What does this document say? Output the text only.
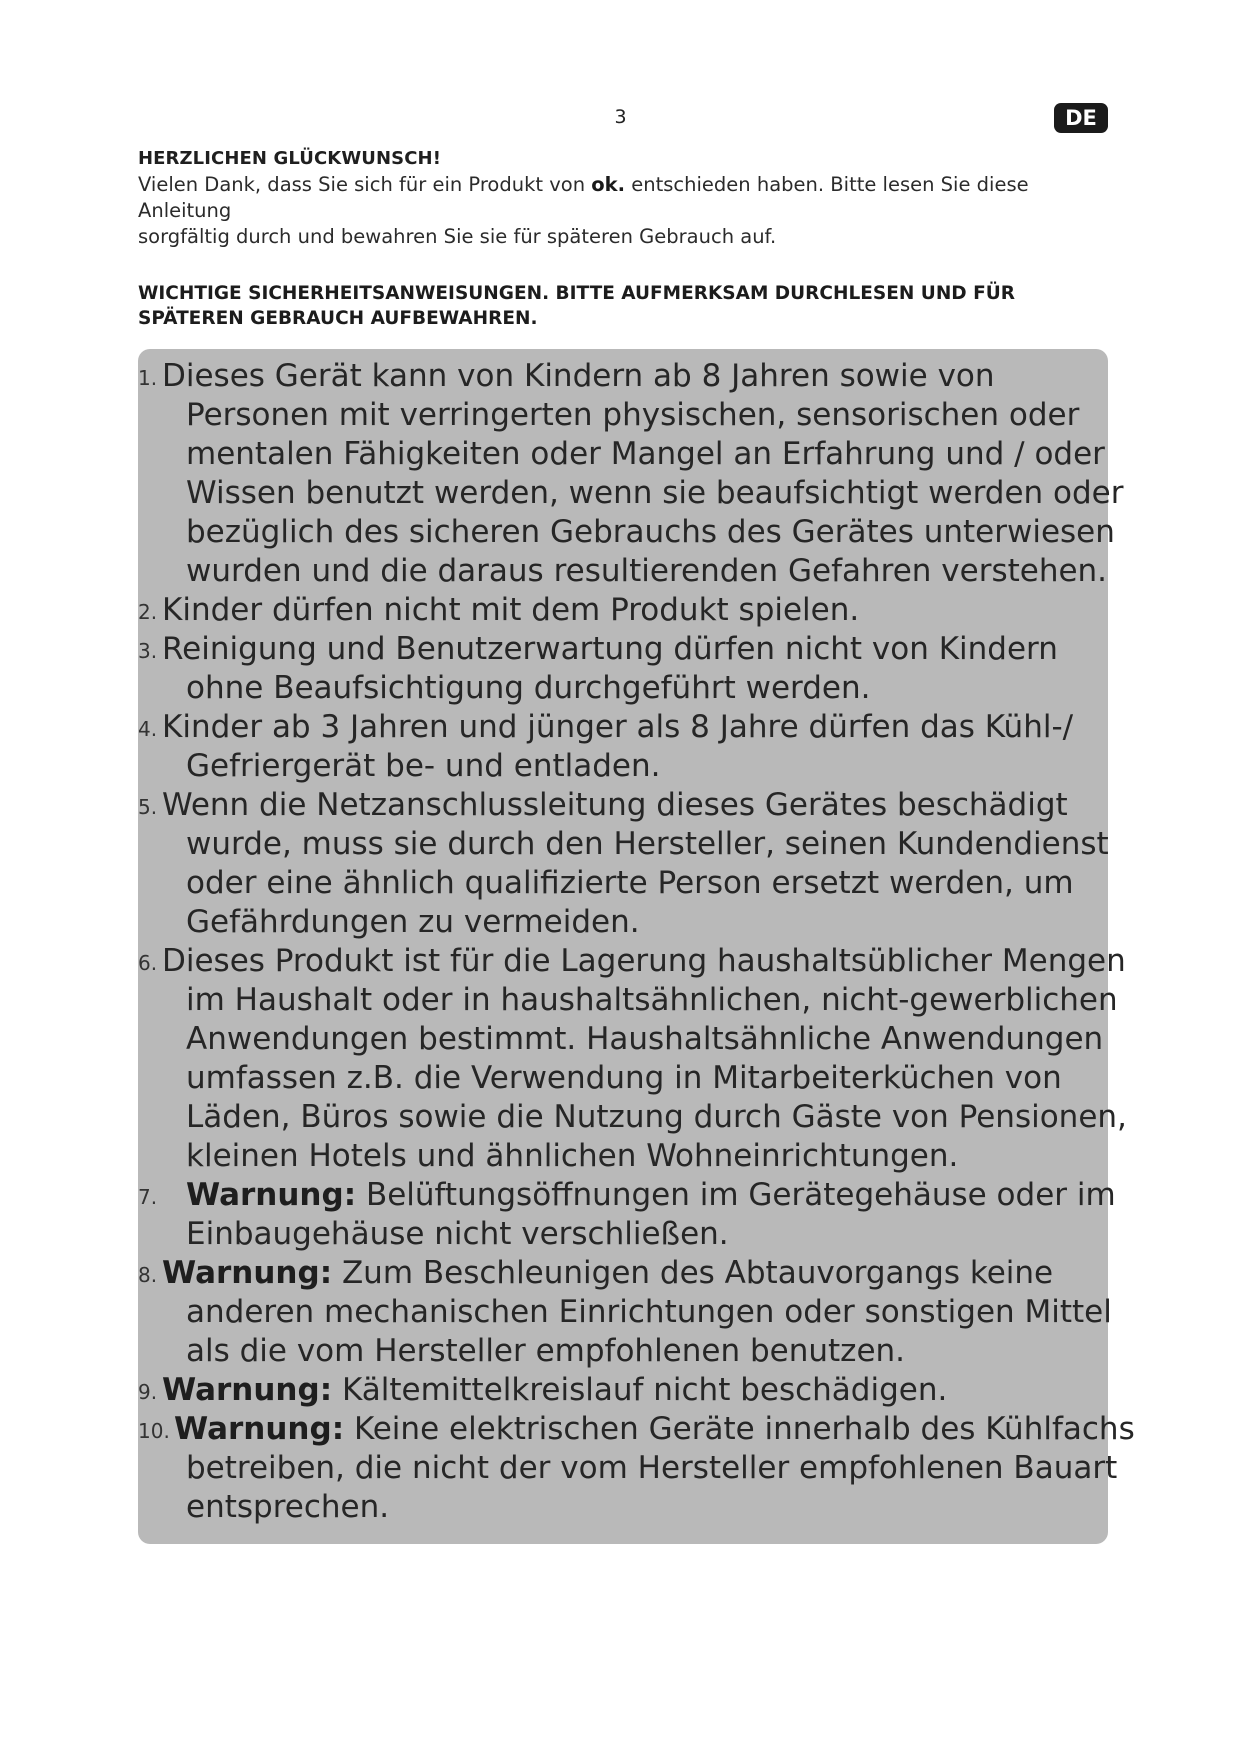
3	DE
HERZLICHEN GLÜCKWUNSCH!
Vielen Dank, dass Sie sich für ein Produkt von ok. entschieden haben. Bitte lesen Sie diese Anleitung
sorgfältig durch und bewahren Sie sie für späteren Gebrauch auf.
WICHTIGE SICHERHEITSANWEISUNGEN. BITTE AUFMERKSAM DURCHLESEN UND FÜR
SPÄTEREN GEBRAUCH AUFBEWAHREN.
1. Dieses Gerät kann von Kindern ab 8 Jahren sowie von
Personen mit verringerten physischen, sensorischen oder
mentalen Fähigkeiten oder Mangel an Erfahrung und / oder
Wissen benutzt werden, wenn sie beaufsichtigt werden oder
bezüglich des sicheren Gebrauchs des Gerätes unterwiesen
wurden und die daraus resultierenden Gefahren verstehen.
2. Kinder dürfen nicht mit dem Produkt spielen.
3. Reinigung und Benutzerwartung dürfen nicht von Kindern
ohne Beaufsichtigung durchgeführt werden.
4. Kinder ab 3 Jahren und jünger als 8 Jahre dürfen das Kühl-/
Gefriergerät be- und entladen.
5. Wenn die Netzanschlussleitung dieses Gerätes beschädigt
wurde, muss sie durch den Hersteller, seinen Kundendienst
oder eine ähnlich qualifizierte Person ersetzt werden, um
Gefährdungen zu vermeiden.
6. Dieses Produkt ist für die Lagerung haushaltsüblicher Mengen
im Haushalt oder in haushaltsähnlichen, nicht-gewerblichen
Anwendungen bestimmt. Haushaltsähnliche Anwendungen
umfassen z.B. die Verwendung in Mitarbeiterküchen von
Läden, Büros sowie die Nutzung durch Gäste von Pensionen,
kleinen Hotels und ähnlichen Wohneinrichtungen.
7. Warnung: Belüftungsöffnungen im Gerätegehäuse oder im
Einbaugehäuse nicht verschließen.
8. Warnung: Zum Beschleunigen des Abtauvorgangs keine
anderen mechanischen Einrichtungen oder sonstigen Mittel
als die vom Hersteller empfohlenen benutzen.
9. Warnung: Kältemittelkreislauf nicht beschädigen.
10. Warnung: Keine elektrischen Geräte innerhalb des Kühlfachs
betreiben, die nicht der vom Hersteller empfohlenen Bauart
entsprechen.
